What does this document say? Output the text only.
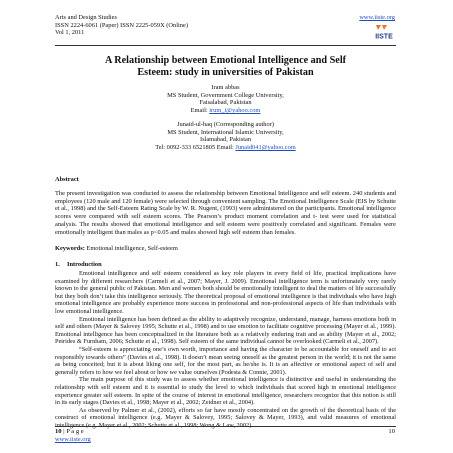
Arts and Design Studies
ISSN 2224-6061 (Paper) ISSN 2225-059X (Online)
Vol 1, 2011
www.iiste.org
IISTE
A Relationship between Emotional Intelligence and Self
Esteem: study in universities of Pakistan
Iram abbas
MS Student, Government College University,
Faisalabad, Pakistan
Email: irum_i@yahoo.com
Junaid-ul-haq (Corresponding author)
MS Student, International Islamic University,
Islamabad, Pakistan
Tel: 0092-333 6521805 Email: Junaid041@yahoo.com
Abstract
The present investigation was conducted to assess the relationship between Emotional Intelligence and self esteem. 240 students and employees (120 male and 120 female) were selected through convenient sampling. The Emotional Intelligence Scale (EIS by Schutte et al., 1998) and the Self-Esteem Rating Scale by W. R. Nugent, (1993) were administered on the participants. Emotional intelligence scores were compared with self esteem scores. The Pearson’s product moment correlation and t- test were used for statistical analysis. The results showed that emotional intelligence and self esteem were positively correlated and significant. Females were emotionally intelligent than males as p<0.05 and males showed high self esteem than females.
Keywords: Emotional intelligence, Self-esteem
1. Introduction

Emotional intelligence and self esteem considered as key role players in every field of life, practical implications have examined by different researchers (Carmeli et al., 2007; Mayer, J. 2009). Emotional intelligence term is unfortunately very rarely known to the general public of Pakistan. Men and women both should be emotionally intelligent to deal the matters of life successfully but they both don’t take this intelligence seriously. The theoretical proposal of emotional intelligence is that individuals who have high emotional intelligence are probably experience more success in professional and non-professional aspects of life than individuals with low emotional intelligence.

Emotional intelligence has been defined as the ability to adaptively recognize, understand, manage, harness emotions both in self and others (Mayer & Salovey 1995; Schutte et al., 1998) and to use emotion to facilitate cognitive processing (Mayer et al., 1999). Emotional intelligence has been conceptualized in the literature both as a relatively enduring trait and as ability (Mayer et al., 2002; Petrides & Furnham, 2006; Schutte et al., 1998). Self esteem of the same individual cannot be overlooked (Carmeli et al., 2007).

“Self-esteem is appreciating one’s own worth, importance and having the character to be accountable for oneself and to act responsibly towards others” (Davies et al., 1998). It doesn’t mean seeing oneself as the greatest person in the world; it is not the same as being conceited; but it is about liking one self, for the most part, as he/she is. It is an affective or emotional aspect of self and generally refers to how we feel about or how we value ourselves (Podesta & Connie, 2001).

The main purpose of this study was to assess whether emotional intelligence is distinctive and useful in understanding the relationship with self esteem and it is essential to study the level to which individuals that scored high in emotional intelligence experience greater self esteem. In spite of the course of interest in emotional intelligence, researchers recognize that this notion is still in its early stages (Davies et al., 1998; Mayer et al., 2002; Zeidner et al., 2004).

As observed by Palmer et al., (2002), efforts so far have mostly concentrated on the growth of the theoretical basis of the construct of emotional intelligence (e.g. Mayer & Salovey, 1995; Salovey & Mayer, 1993), and valid measures of emotional intelligence (e.g. Mayer et al., 2002; Schutte et al., 1998; Wong & Law, 2002).

10 | P a g e	10
www.iiste.org
